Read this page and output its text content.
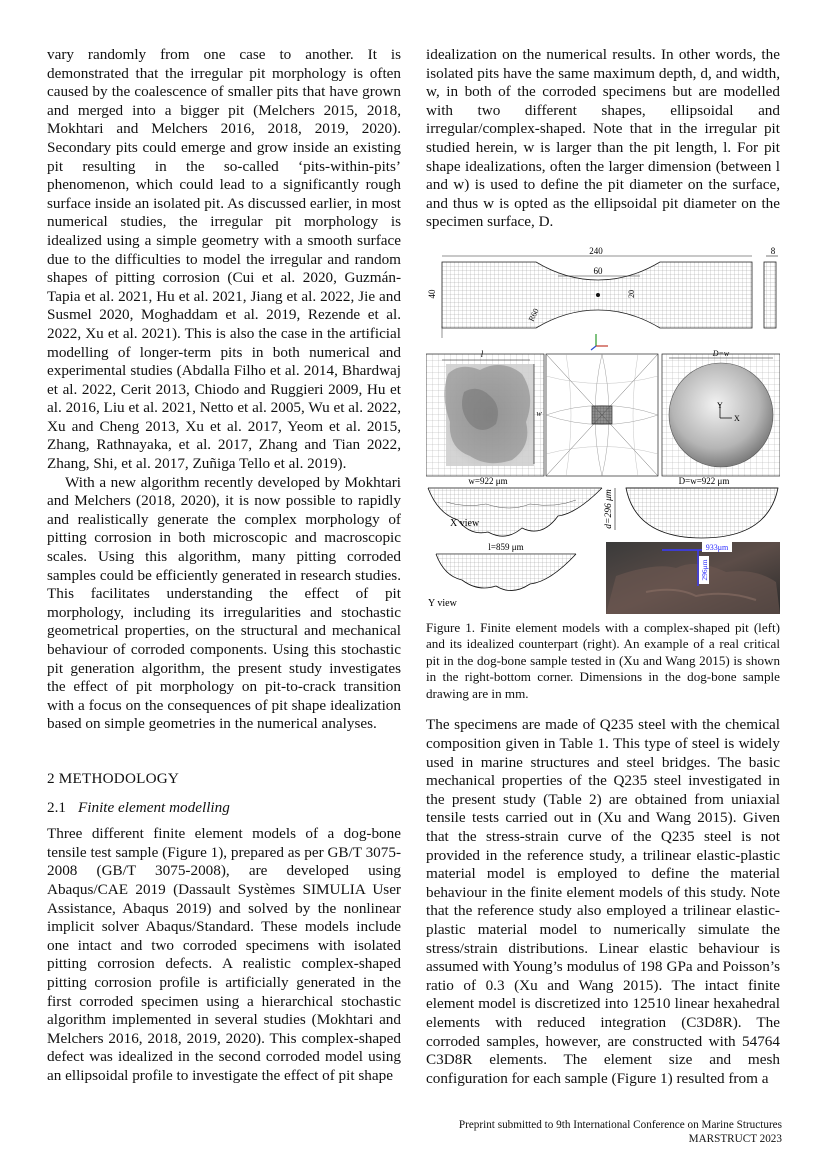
vary randomly from one case to another. It is demonstrated that the irregular pit morphology is often caused by the coalescence of smaller pits that have grown and merged into a bigger pit (Melchers 2015, 2018, Mokhtari and Melchers 2016, 2018, 2019, 2020). Secondary pits could emerge and grow inside an existing pit resulting in the so-called ‘pits-within-pits’ phenomenon, which could lead to a significantly rough surface inside an isolated pit. As discussed earlier, in most numerical studies, the irregular pit morphology is idealized using a simple geometry with a smooth surface due to the difficulties to model the irregular and random shapes of pitting corrosion (Cui et al. 2020, Guzmán-Tapia et al. 2021, Hu et al. 2021, Jiang et al. 2022, Jie and Susmel 2020, Moghaddam et al. 2019, Rezende et al. 2022, Xu et al. 2021). This is also the case in the artificial modelling of longer-term pits in both numerical and experimental studies (Abdalla Filho et al. 2014, Bhardwaj et al. 2022, Cerit 2013, Chiodo and Ruggieri 2009, Hu et al. 2016, Liu et al. 2021, Netto et al. 2005, Wu et al. 2022, Xu and Cheng 2013, Xu et al. 2017, Yeom et al. 2015, Zhang, Rathnayaka, et al. 2017, Zhang and Tian 2022, Zhang, Shi, et al. 2017, Zuñiga Tello et al. 2019).

With a new algorithm recently developed by Mokhtari and Melchers (2018, 2020), it is now possible to rapidly and realistically generate the complex morphology of pitting corrosion in both microscopic and macroscopic scales. Using this algorithm, many pitting corroded samples could be efficiently generated in research studies. This facilitates understanding the effect of pit morphology, including its irregularities and stochastic geometrical properties, on the structural and mechanical behaviour of corroded components. Using this stochastic pit generation algorithm, the present study investigates the effect of pit morphology on pit-to-crack transition with a focus on the consequences of pit shape idealization based on simple geometries in the numerical analyses.

2 METHODOLOGY
2.1 Finite element modelling

Three different finite element models of a dog-bone tensile test sample (Figure 1), prepared as per GB/T 3075-2008 (GB/T 3075-2008), are developed using Abaqus/CAE 2019 (Dassault Systèmes SIMULIA User Assistance, Abaqus 2019) and solved by the nonlinear implicit solver Abaqus/Standard. These models include one intact and two corroded specimens with isolated pitting corrosion defects. A realistic complex-shaped pitting corrosion profile is artificially generated in the first corroded specimen using a hierarchical stochastic algorithm implemented in several studies (Mokhtari and Melchers 2016, 2018, 2019, 2020). This complex-shaped defect was idealized in the second corroded model using an ellipsoidal profile to investigate the effect of pit shape

idealization on the numerical results. In other words, the isolated pits have the same maximum depth, d, and width, w, in both of the corroded specimens but are modelled with two different shapes, ellipsoidal and irregular/complex-shaped. Note that in the irregular pit studied herein, w is larger than the pit length, l. For pit shape idealizations, often the larger dimension (between l and w) is used to define the pit diameter on the surface, and thus w is opted as the ellipsoidal pit diameter on the specimen surface, D.

240	8
60
40
l
w
D=w
Y
X
w=922 μm
X view	d=296 μm
D=w=922 μm
l=859 μm
Y view
933μm
296μm

Figure 1. Finite element models with a complex-shaped pit (left) and its idealized counterpart (right). An example of a real critical pit in the dog-bone sample tested in (Xu and Wang 2015) is shown in the right-bottom corner. Dimensions in the dog-bone sample drawing are in mm.

The specimens are made of Q235 steel with the chemical composition given in Table 1. This type of steel is widely used in marine structures and steel bridges. The basic mechanical properties of the Q235 steel investigated in the present study (Table 2) are obtained from uniaxial tensile tests carried out in (Xu and Wang 2015). Given that the stress-strain curve of the Q235 steel is not provided in the reference study, a trilinear elastic-plastic material model is employed to define the material behaviour in the finite element models of this study. Note that the reference study also employed a trilinear elastic-plastic material model to numerically simulate the stress/strain distributions. Linear elastic behaviour is assumed with Young’s modulus of 198 GPa and Poisson’s ratio of 0.3 (Xu and Wang 2015). The intact finite element model is discretized into 12510 linear hexahedral elements with reduced integration (C3D8R). The corroded samples, however, are constructed with 54764 C3D8R elements. The element size and mesh configuration for each sample (Figure 1) resulted from a

Preprint submitted to 9th International Conference on Marine Structures
MARSTRUCT 2023
